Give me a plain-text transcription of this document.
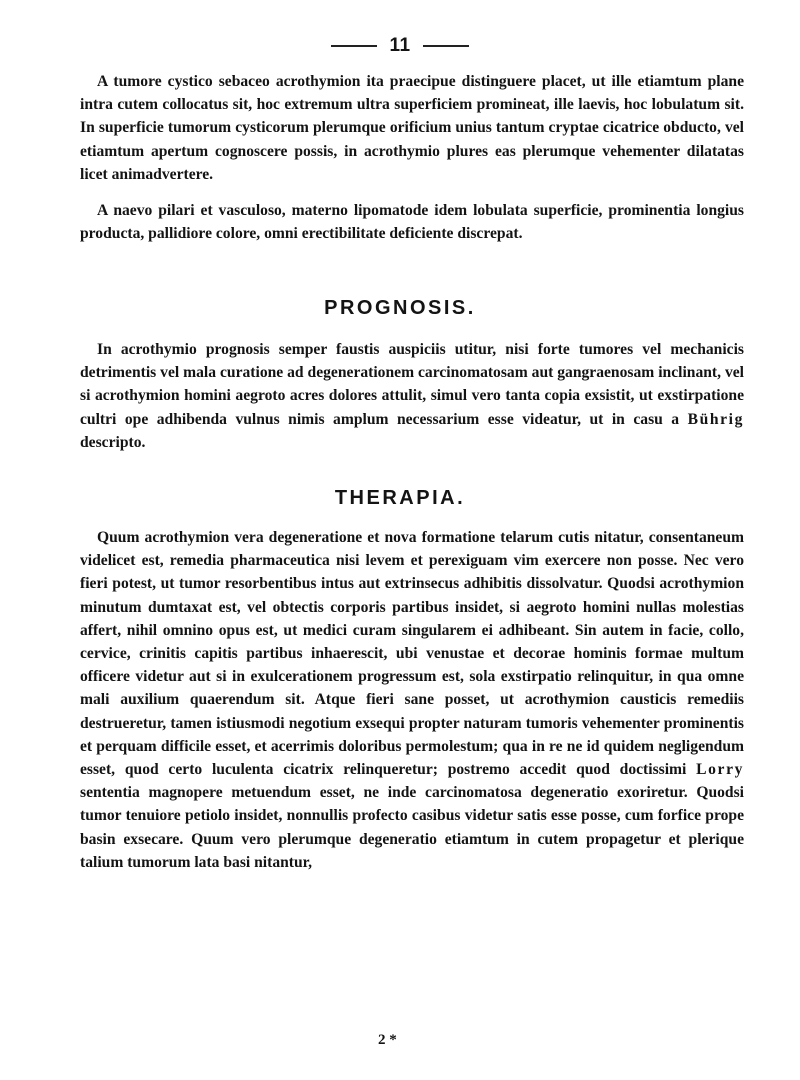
11

A tumore cystico sebaceo acrothymion ita praecipue distinguere placet, ut ille etiamtum plane intra cutem collocatus sit, hoc extremum ultra superficiem promineat, ille laevis, hoc lobulatum sit. In superficie tumorum cysticorum plerumque orificium unius tantum cryptae cicatrice obducto, vel etiamtum apertum cognoscere possis, in acrothymio plures eas plerumque vehementer dilatatas licet animadvertere.

A naevo pilari et vasculoso, materno lipomatode idem lobulata superficie, prominentia longius producta, pallidiore colore, omni erectibilitate deficiente discrepat.

PROGNOSIS.

In acrothymio prognosis semper faustis auspiciis utitur, nisi forte tumores vel mechanicis detrimentis vel mala curatione ad degenerationem carcinomatosam aut gangraenosam inclinant, vel si acrothymion homini aegroto acres dolores attulit, simul vero tanta copia exsistit, ut exstirpatione cultri ope adhibenda vulnus nimis amplum necessarium esse videatur, ut in casu a Bührig descripto.

THERAPIA.

Quum acrothymion vera degeneratione et nova formatione telarum cutis nitatur, consentaneum videlicet est, remedia pharmaceutica nisi levem et perexiguam vim exercere non posse. Nec vero fieri potest, ut tumor resorbentibus intus aut extrinsecus adhibitis dissolvatur. Quodsi acrothymion minutum dumtaxat est, vel obtectis corporis partibus insidet, si aegroto homini nullas molestias affert, nihil omnino opus est, ut medici curam singularem ei adhibeant. Sin autem in facie, collo, cervice, crinitis capitis partibus inhaerescit, ubi venustae et decorae hominis formae multum officere videtur aut si in exulcerationem progressum est, sola exstirpatio relinquitur, in qua omne mali auxilium quaerendum sit. Atque fieri sane posset, ut acrothymion causticis remediis destrueretur, tamen istiusmodi negotium exsequi propter naturam tumoris vehementer prominentis et perquam difficile esset, et acerrimis doloribus permolestum; qua in re ne id quidem negligendum esset, quod certo luculenta cicatrix relinqueretur; postremo accedit quod doctissimi Lorry sententia magnopere metuendum esset, ne inde carcinomatosa degeneratio exoriretur. Quodsi tumor tenuiore petiolo insidet, nonnullis profecto casibus videtur satis esse posse, cum forfice prope basin exsecare. Quum vero plerumque degeneratio etiamtum in cutem propagetur et plerique talium tumorum lata basi nitantur,

2 *
